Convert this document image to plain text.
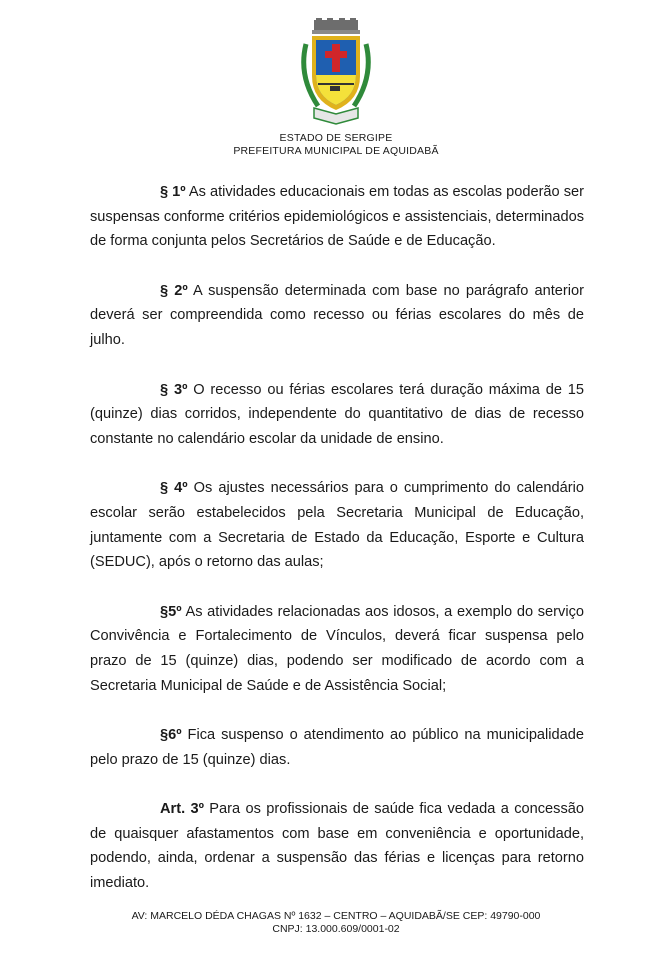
ESTADO DE SERGIPE
PREFEITURA MUNICIPAL DE AQUIDABÃ

§ 1º As atividades educacionais em todas as escolas poderão ser suspensas conforme critérios epidemiológicos e assistenciais, determinados de forma conjunta pelos Secretários de Saúde e de Educação.

§ 2º A suspensão determinada com base no parágrafo anterior deverá ser compreendida como recesso ou férias escolares do mês de julho.

§ 3º O recesso ou férias escolares terá duração máxima de 15 (quinze) dias corridos, independente do quantitativo de dias de recesso constante no calendário escolar da unidade de ensino.

§ 4º Os ajustes necessários para o cumprimento do calendário escolar serão estabelecidos pela Secretaria Municipal de Educação, juntamente com a Secretaria de Estado da Educação, Esporte e Cultura (SEDUC), após o retorno das aulas;

§5º As atividades relacionadas aos idosos, a exemplo do serviço Convivência e Fortalecimento de Vínculos, deverá ficar suspensa pelo prazo de 15 (quinze) dias, podendo ser modificado de acordo com a Secretaria Municipal de Saúde e de Assistência Social;

§6º Fica suspenso o atendimento ao público na municipalidade pelo prazo de 15 (quinze) dias.

Art. 3º Para os profissionais de saúde fica vedada a concessão de quaisquer afastamentos com base em conveniência e oportunidade, podendo, ainda, ordenar a suspensão das férias e licenças para retorno imediato.

AV: MARCELO DÉDA CHAGAS Nº 1632 – CENTRO – AQUIDABÃ/SE CEP: 49790-000
CNPJ: 13.000.609/0001-02
